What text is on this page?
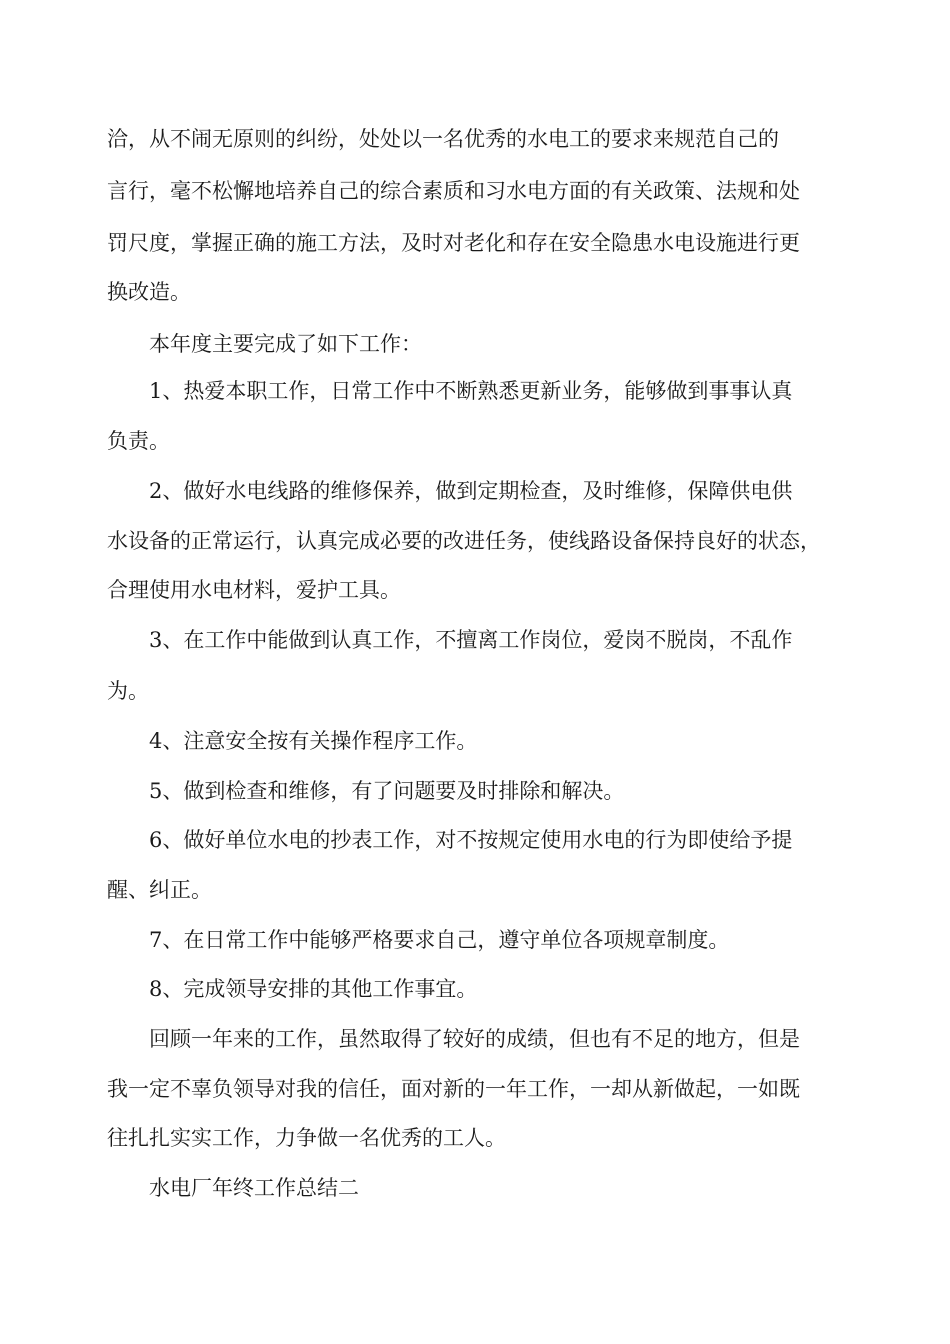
洽，从不闹无原则的纠纷，处处以一名优秀的水电工的要求来规范自己的
言行，毫不松懈地培养自己的综合素质和习水电方面的有关政策、法规和处
罚尺度，掌握正确的施工方法，及时对老化和存在安全隐患水电设施进行更
换改造。
本年度主要完成了如下工作：
1、热爱本职工作，日常工作中不断熟悉更新业务，能够做到事事认真
负责。
2、做好水电线路的维修保养，做到定期检查，及时维修，保障供电供
水设备的正常运行，认真完成必要的改进任务，使线路设备保持良好的状态，
合理使用水电材料，爱护工具。
3、在工作中能做到认真工作，不擅离工作岗位，爱岗不脱岗，不乱作
为。
4、注意安全按有关操作程序工作。
5、做到检查和维修，有了问题要及时排除和解决。
6、做好单位水电的抄表工作，对不按规定使用水电的行为即使给予提
醒、纠正。
7、在日常工作中能够严格要求自己，遵守单位各项规章制度。
8、完成领导安排的其他工作事宜。
回顾一年来的工作，虽然取得了较好的成绩，但也有不足的地方，但是
我一定不辜负领导对我的信任，面对新的一年工作，一却从新做起，一如既
往扎扎实实工作，力争做一名优秀的工人。
水电厂年终工作总结二
